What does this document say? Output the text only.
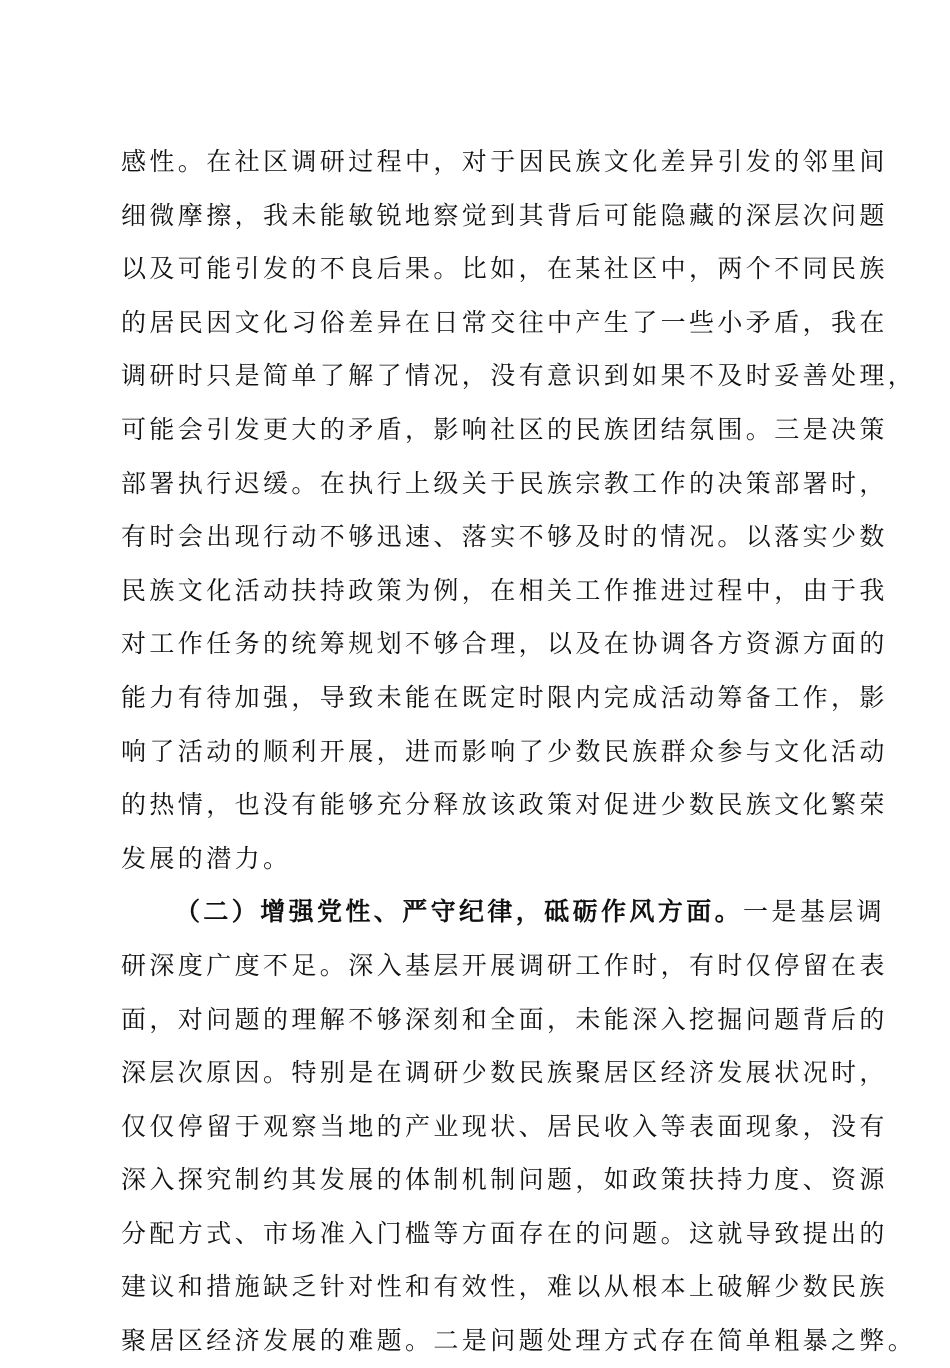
感性。在社区调研过程中，对于因民族文化差异引发的邻里间
细微摩擦，我未能敏锐地察觉到其背后可能隐藏的深层次问题
以及可能引发的不良后果。比如，在某社区中，两个不同民族
的居民因文化习俗差异在日常交往中产生了一些小矛盾，我在
调研时只是简单了解了情况，没有意识到如果不及时妥善处理，
可能会引发更大的矛盾，影响社区的民族团结氛围。三是决策
部署执行迟缓。在执行上级关于民族宗教工作的决策部署时，
有时会出现行动不够迅速、落实不够及时的情况。以落实少数
民族文化活动扶持政策为例，在相关工作推进过程中，由于我
对工作任务的统筹规划不够合理，以及在协调各方资源方面的
能力有待加强，导致未能在既定时限内完成活动筹备工作，影
响了活动的顺利开展，进而影响了少数民族群众参与文化活动
的热情，也没有能够充分释放该政策对促进少数民族文化繁荣
发展的潜力。
（二）增强党性、严守纪律，砥砺作风方面。一是基层调
研深度广度不足。深入基层开展调研工作时，有时仅停留在表
面，对问题的理解不够深刻和全面，未能深入挖掘问题背后的
深层次原因。特别是在调研少数民族聚居区经济发展状况时，
仅仅停留于观察当地的产业现状、居民收入等表面现象，没有
深入探究制约其发展的体制机制问题，如政策扶持力度、资源
分配方式、市场准入门槛等方面存在的问题。这就导致提出的
建议和措施缺乏针对性和有效性，难以从根本上破解少数民族
聚居区经济发展的难题。二是问题处理方式存在简单粗暴之弊。
